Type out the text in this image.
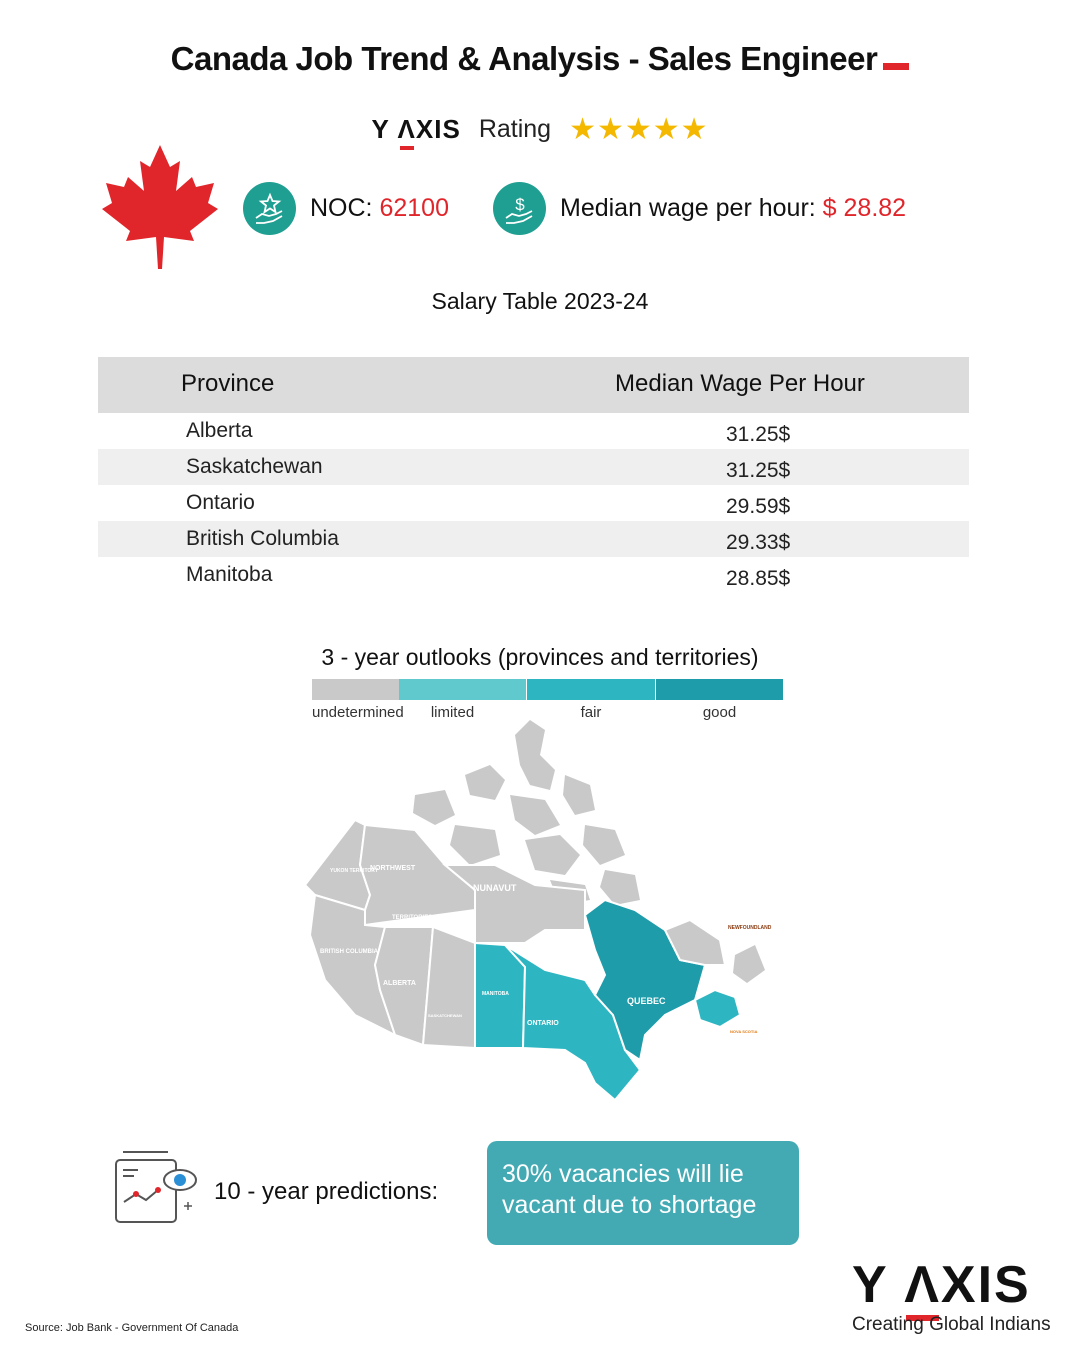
Canada Job Trend & Analysis - Sales Engineer
Y Λ
XIS Rating ★★★★★
NOC: 62100	$ Median wage per hour: $ 28.82
Salary Table 2023-24
Province	Median Wage Per Hour
Alberta	31.25$
Saskatchewan	31.25$
Ontario	29.59$
British Columbia	29.33$
Manitoba	28.85$
3 - year outlooks (provinces and territories)
undetermined	limited	fair	good
YUKON TERRITORY
NORTHWEST
TERRITORIES
NUNAVUT
BRITISH COLUMBIA
ALBERTA
SASKATCHEWAN
MANITOBA
ONTARIO
QUEBEC
NEWFOUNDLAND
NOVA SCOTIA
10 - year predictions:
30% vacancies will lie vacant due to shortage
Y Λ
XIS
Creating Global Indians
Source: Job Bank - Government Of Canada
